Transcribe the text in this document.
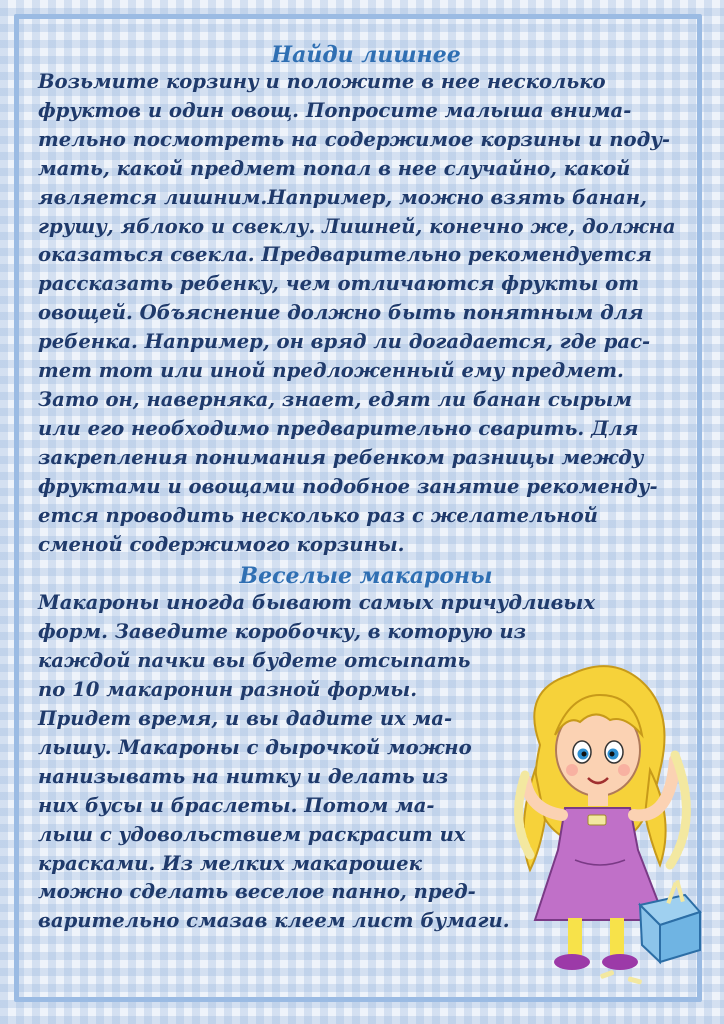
Найди лишнее

Возьмите корзину и положите в нее несколько
фруктов и один овощ. Попросите малыша внима-
тельно посмотреть на содержимое корзины и поду-
мать, какой предмет попал в нее случайно, какой
является лишним.Например, можно взять банан,
грушу, яблоко и свеклу. Лишней, конечно же, должна
оказаться свекла. Предварительно рекомендуется
рассказать ребенку, чем отличаются фрукты от
овощей. Объяснение должно быть понятным для
ребенка. Например, он вряд ли догадается, где рас-
тет тот или иной предложенный ему предмет.
Зато он, наверняка, знает, едят ли банан сырым
или его необходимо предварительно сварить. Для
закрепления понимания ребенком разницы между
фруктами и овощами подобное занятие рекоменду-
ется проводить несколько раз с желательной
сменой содержимого корзины.

Веселые макароны

Макароны иногда бывают самых причудливых
форм. Заведите коробочку, в которую из
каждой пачки вы будете отсыпать
по 10 макаронин разной формы.
Придет время, и вы дадите их ма-
лышу. Макароны с дырочкой можно
нанизывать на нитку и делать из
них бусы и браслеты. Потом ма-
лыш с удовольствием раскрасит их
красками. Из мелких макарошек
можно сделать веселое панно, пред-
варительно смазав клеем лист бумаги.
